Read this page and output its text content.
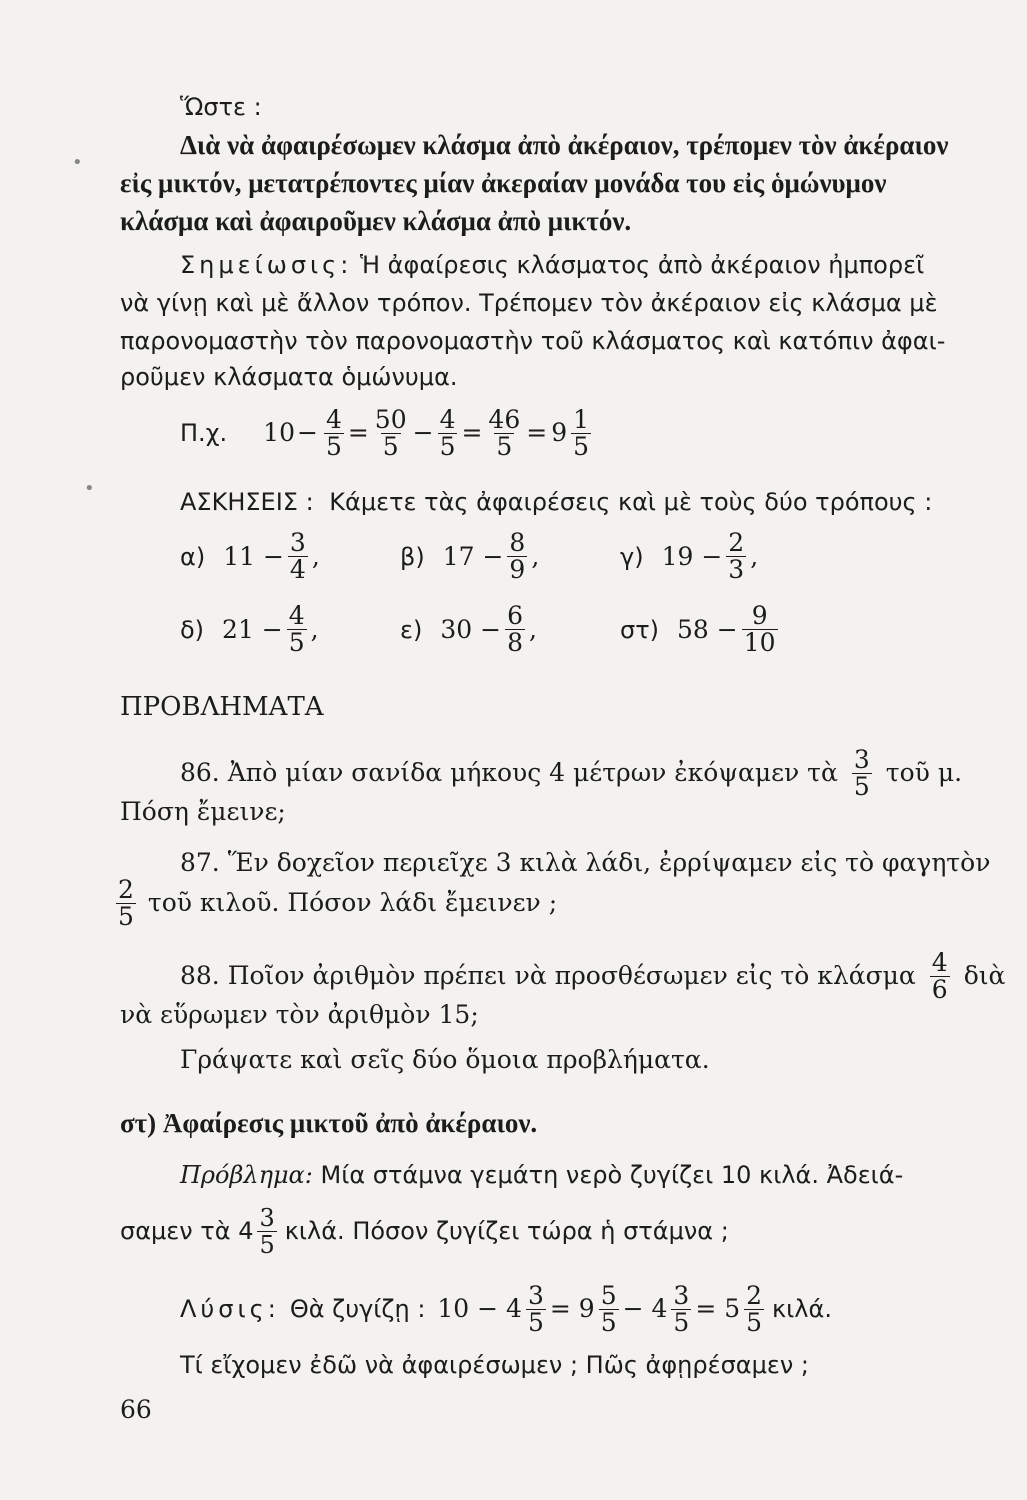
Ὥστε :
Διὰ νὰ ἀφαιρέσωμεν κλάσμα ἀπὸ ἀκέραιον, τρέπομεν τὸν ἀκέραιον
εἰς μικτόν, μετατρέποντες μίαν ἀκεραίαν μονάδα του εἰς ὁμώνυμον
κλάσμα καὶ ἀφαιροῦμεν κλάσμα ἀπὸ μικτόν.
Σημείωσις: Ἡ ἀφαίρεσις κλάσματος ἀπὸ ἀκέραιον ἠμπορεῖ
νὰ γίνῃ καὶ μὲ ἄλλον τρόπον. Τρέπομεν τὸν ἀκέραιον εἰς κλάσμα μὲ
παρονομαστὴν τὸν παρονομαστὴν τοῦ κλάσματος καὶ κατόπιν ἀφαι-
ροῦμεν κλάσματα ὁμώνυμα.
Π.χ. $10 - \frac{4}{5} = \frac{50}{5} - \frac{4}{5} = \frac{46}{5} = 9 \frac{1}{5}$
ΑΣΚΗΣΕΙΣ : Κάμετε τὰς ἀφαιρέσεις καὶ μὲ τοὺς δύο τρόπους :
α) $11 - \frac{3}{4}$ ,	β) $17 - \frac{8}{9}$ ,	γ) $19 - \frac{2}{3}$ ,
δ) $21 - \frac{4}{5}$ ,	ε) $30 - \frac{6}{8}$ ,	στ) $58 - \frac{9}{10}$
ΠΡΟΒΛΗΜΑΤΑ
86. Ἀπὸ μίαν σανίδα μήκους 4 μέτρων ἐκόψαμεν τὰ $\frac{3}{5}$ τοῦ μ.
Πόση ἔμεινε;
87. Ἕν δοχεῖον περιεῖχε 3 κιλὰ λάδι, ἐρρίψαμεν εἰς τὸ φαγητὸν
$\frac{2}{5}$ τοῦ κιλοῦ. Πόσον λάδι ἔμεινεν ;
88. Ποῖον ἀριθμὸν πρέπει νὰ προσθέσωμεν εἰς τὸ κλάσμα $\frac{4}{6}$ διὰ
νὰ εὕρωμεν τὸν ἀριθμὸν 15;
Γράψατε καὶ σεῖς δύο ὅμοια προβλήματα.
στ) Ἀφαίρεσις μικτοῦ ἀπὸ ἀκέραιον.
Πρόβλημα: Μία στάμνα γεμάτη νερὸ ζυγίζει 10 κιλά. Ἀδειά-
σαμεν τὰ $4 \frac{3}{5} \kappa\iota\lambda ά$. Πόσον ζυγίζει τώρα ἡ στάμνα ;
Λύσις: Θὰ ζυγίζῃ : $10 - 4 \frac{3}{5}$ =
$9 \frac{5}{5} - 4 \frac{3}{5}$ =
$5 \frac{2}{5} \kappa\iota\lambda ά$.
Τί εἴχομεν ἐδῶ νὰ ἀφαιρέσωμεν ; Πῶς ἀφῃρέσαμεν ;
66
•
•
